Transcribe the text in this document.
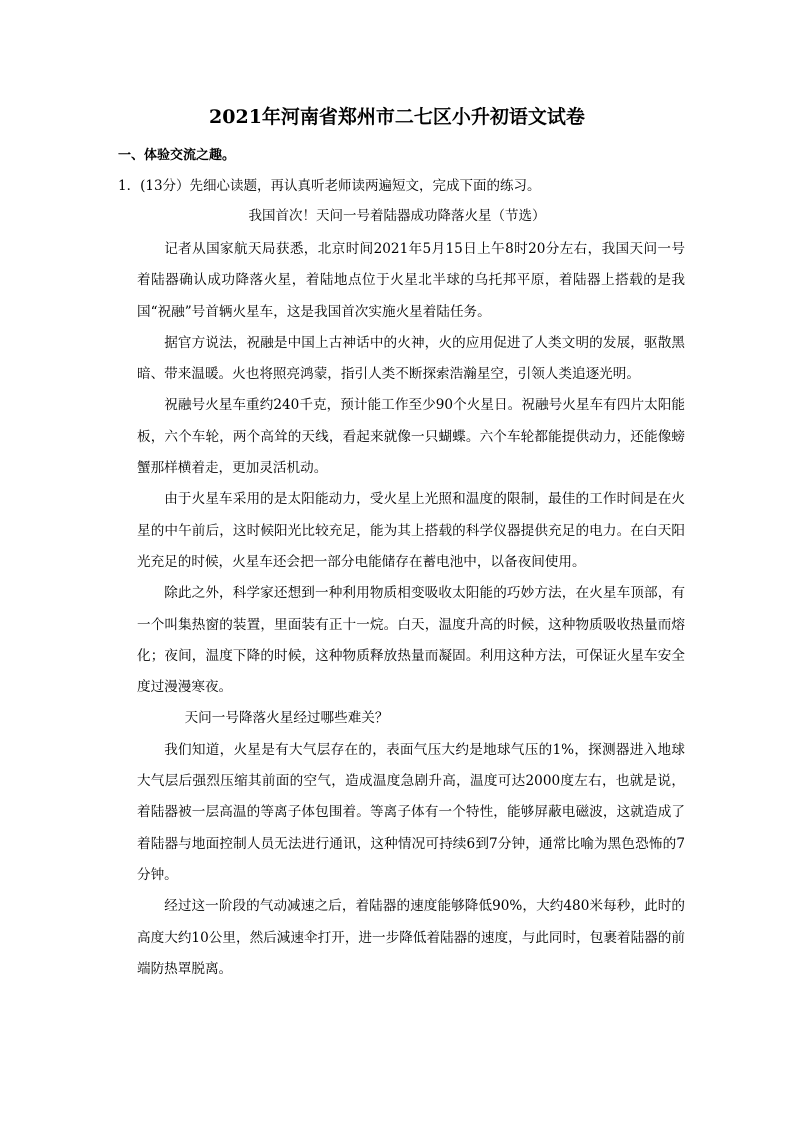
2021年河南省郑州市二七区小升初语文试卷
一、体验交流之趣。
1．(13分）先细心读题，再认真听老师读两遍短文，完成下面的练习。
我国首次！天问一号着陆器成功降落火星（节选）

记者从国家航天局获悉，北京时间2021年5月15日上午8时20分左右，我国天问一号着陆器确认成功降落火星，着陆地点位于火星北半球的乌托邦平原，着陆器上搭载的是我国“祝融”号首辆火星车，这是我国首次实施火星着陆任务。

据官方说法，祝融是中国上古神话中的火神，火的应用促进了人类文明的发展，驱散黑暗、带来温暖。火也将照亮鸿蒙，指引人类不断探索浩瀚星空，引领人类追逐光明。

祝融号火星车重约240千克，预计能工作至少90个火星日。祝融号火星车有四片太阳能板，六个车轮，两个高耸的天线，看起来就像一只蝴蝶。六个车轮都能提供动力，还能像螃蟹那样横着走，更加灵活机动。

由于火星车采用的是太阳能动力，受火星上光照和温度的限制，最佳的工作时间是在火星的中午前后，这时候阳光比较充足，能为其上搭载的科学仪器提供充足的电力。在白天阳光充足的时候，火星车还会把一部分电能储存在蓄电池中，以备夜间使用。

除此之外，科学家还想到一种利用物质相变吸收太阳能的巧妙方法，在火星车顶部，有一个叫集热窗的装置，里面装有正十一烷。白天，温度升高的时候，这种物质吸收热量而熔化；夜间，温度下降的时候，这种物质释放热量而凝固。利用这种方法，可保证火星车安全度过漫漫寒夜。

天问一号降落火星经过哪些难关？

我们知道，火星是有大气层存在的，表面气压大约是地球气压的1%，探测器进入地球大气层后强烈压缩其前面的空气，造成温度急剧升高，温度可达2000度左右，也就是说，着陆器被一层高温的等离子体包围着。等离子体有一个特性，能够屏蔽电磁波，这就造成了着陆器与地面控制人员无法进行通讯，这种情况可持续6到7分钟，通常比喻为黑色恐怖的7分钟。

经过这一阶段的气动减速之后，着陆器的速度能够降低90%，大约480米每秒，此时的高度大约10公里，然后減速伞打开，进一步降低着陆器的速度，与此同时，包裹着陆器的前端防热罩脱离。
